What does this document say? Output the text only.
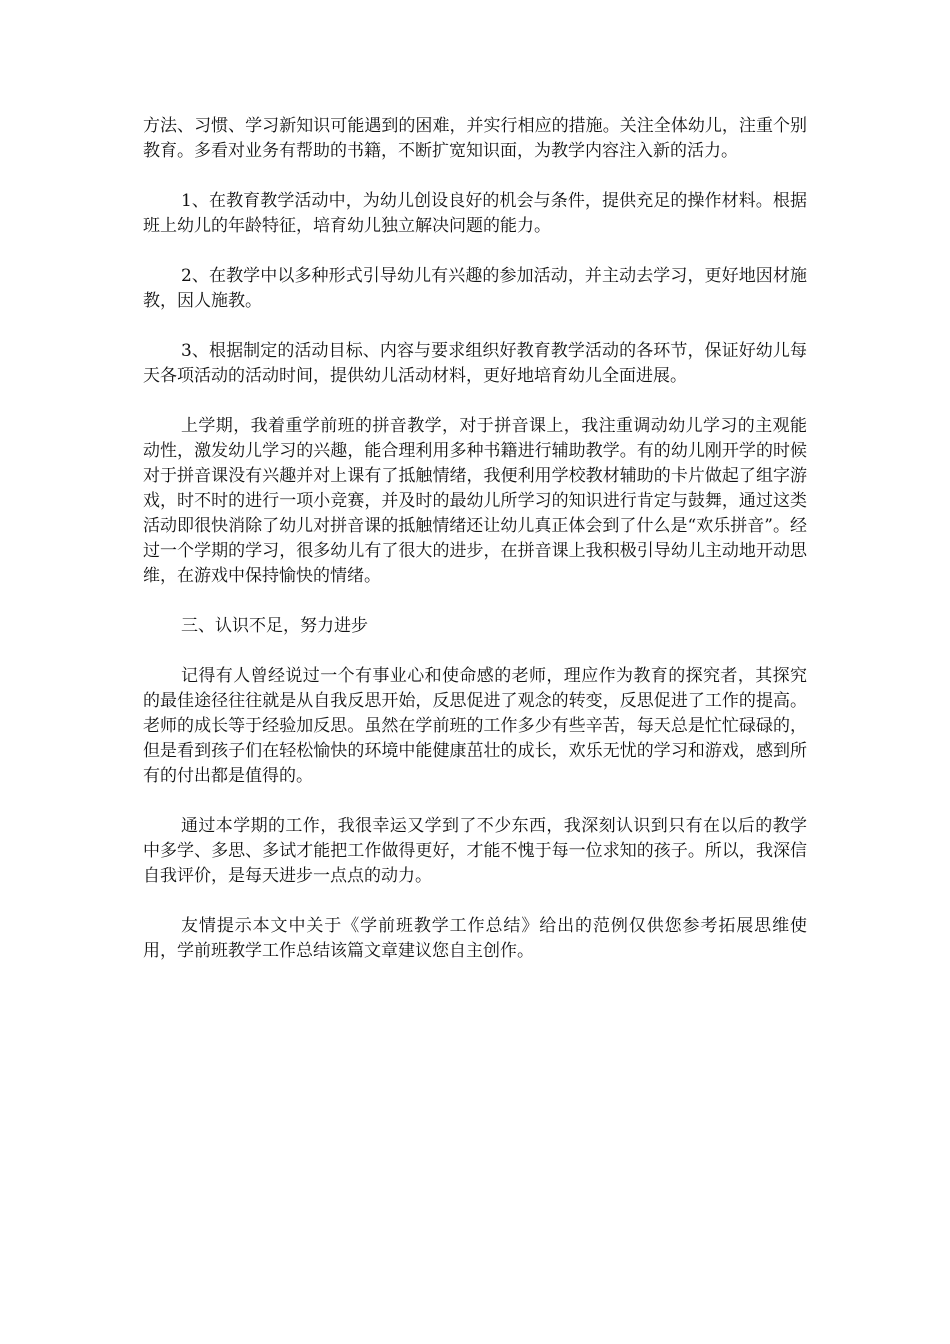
方法、习惯、学习新知识可能遇到的困难，并实行相应的措施。关注全体幼儿，注重个别教育。多看对业务有帮助的书籍，不断扩宽知识面，为教学内容注入新的活力。

1、在教育教学活动中，为幼儿创设良好的机会与条件，提供充足的操作材料。根据班上幼儿的年龄特征，培育幼儿独立解决问题的能力。

2、在教学中以多种形式引导幼儿有兴趣的参加活动，并主动去学习，更好地因材施教，因人施教。

3、根据制定的活动目标、内容与要求组织好教育教学活动的各环节，保证好幼儿每天各项活动的活动时间，提供幼儿活动材料，更好地培育幼儿全面进展。

上学期，我着重学前班的拼音教学，对于拼音课上，我注重调动幼儿学习的主观能动性，激发幼儿学习的兴趣，能合理利用多种书籍进行辅助教学。有的幼儿刚开学的时候对于拼音课没有兴趣并对上课有了抵触情绪，我便利用学校教材辅助的卡片做起了组字游戏，时不时的进行一项小竞赛，并及时的最幼儿所学习的知识进行肯定与鼓舞，通过这类活动即很快消除了幼儿对拼音课的抵触情绪还让幼儿真正体会到了什么是“欢乐拼音”。经过一个学期的学习，很多幼儿有了很大的进步，在拼音课上我积极引导幼儿主动地开动思维，在游戏中保持愉快的情绪。

三、认识不足，努力进步

记得有人曾经说过一个有事业心和使命感的老师，理应作为教育的探究者，其探究的最佳途径往往就是从自我反思开始，反思促进了观念的转变，反思促进了工作的提高。老师的成长等于经验加反思。虽然在学前班的工作多少有些辛苦，每天总是忙忙碌碌的，但是看到孩子们在轻松愉快的环境中能健康茁壮的成长，欢乐无忧的学习和游戏，感到所有的付出都是值得的。

通过本学期的工作，我很幸运又学到了不少东西，我深刻认识到只有在以后的教学中多学、多思、多试才能把工作做得更好，才能不愧于每一位求知的孩子。所以，我深信自我评价，是每天进步一点点的动力。

友情提示本文中关于《学前班教学工作总结》给出的范例仅供您参考拓展思维使用，学前班教学工作总结该篇文章建议您自主创作。
